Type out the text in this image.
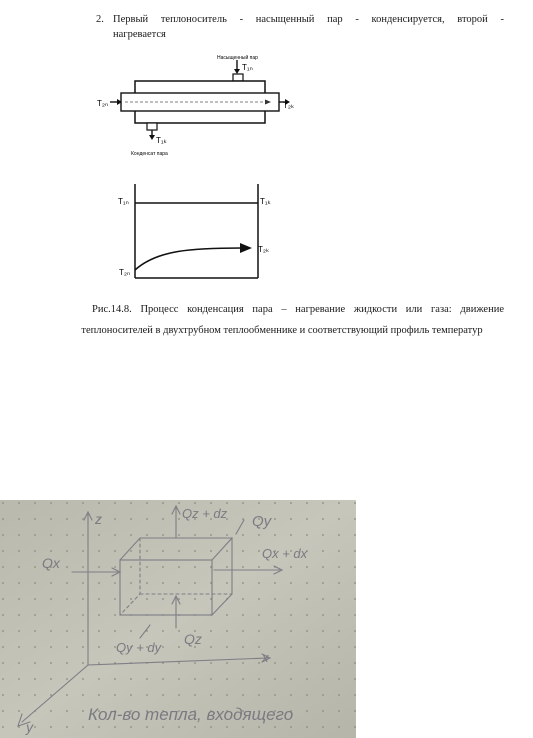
2. Первый теплоноситель - насыщенный пар - конденсируется, второй -
нагревается
Насыщенный пар
T₁ₙ
T₂ₙ	T₂ₖ
T₁ₖ
Конденсат пара
T₁ₙ	T₁ₖ
T₂ₙ
T₂ₖ
Рис.14.8. Процесс конденсация пара – нагревание жидкости или газа: движение
теплоносителей в двухтрубном теплообменнике и соответствующий профиль температур
z	Qz + dz Qy
Qx
Qx + dx
Qy + dy
Qz
x
y
Кол-во тепла, входящего
